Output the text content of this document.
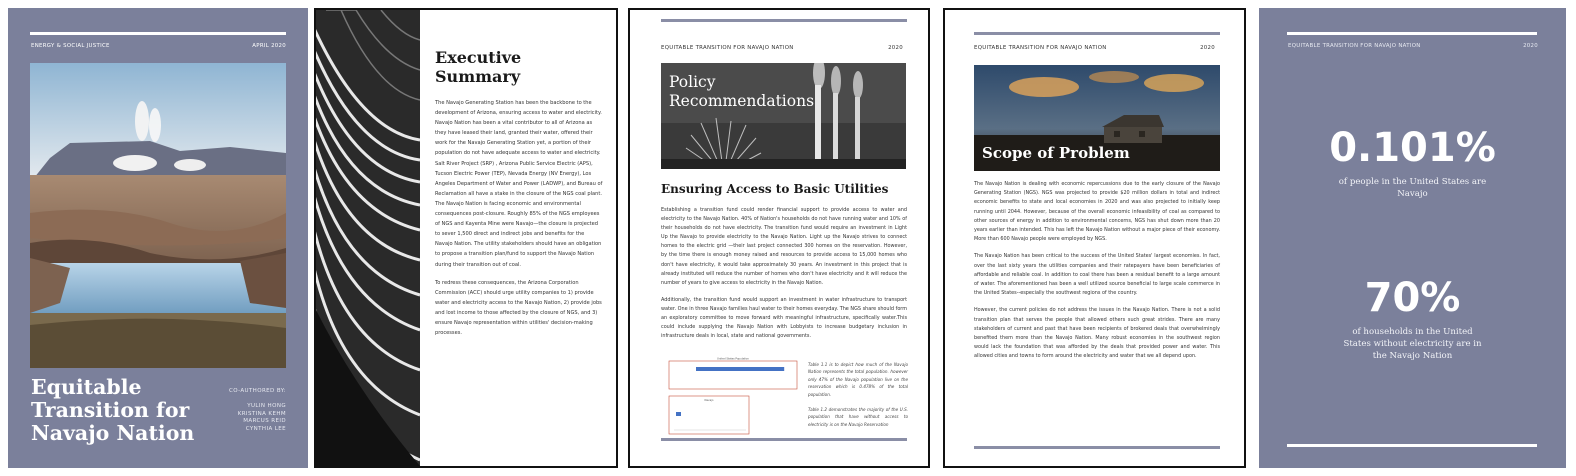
ENERGY & SOCIAL JUSTICE	APRIL 2020
Equitable
Transition for
Navajo Nation
CO-AUTHORED BY:
YULIN HONG
KRISTINA KEHM
MARCUS REID
CYNTHIA LEE
Executive Summary

The Navajo Generating Station has been the backbone to the development of Arizona, ensuring access to water and electricity. Navajo Nation has been a vital contributor to all of Arizona as they have leased their land, granted their water, offered their work for the Navajo Generating Station yet, a portion of their population do not have adequate access to water and electricity. Salt River Project (SRP) , Arizona Public Service Electric (APS), Tucson Electric Power (TEP), Nevada Energy (NV Energy), Los Angeles Department of Water and Power (LADWP), and Bureau of Reclamation all have a stake in the closure of the NGS coal plant. The Navajo Nation is facing economic and environmental consequences post-closure. Roughly 85% of the NGS employees of NGS and Kayenta Mine were Navajo—the closure is projected to sever 1,500 direct and indirect jobs and benefits for the Navajo Nation. The utility stakeholders should have an obligation to propose a transition plan/fund to support the Navajo Nation during their transition out of coal.

To redress these consequences, the Arizona Corporation Commission (ACC) should urge utility companies to 1) provide water and electricity access to the Navajo Nation, 2) provide jobs and lost income to those affected by the closure of NGS, and 3) ensure Navajo representation within utilities' decision-making processes.

EQUITABLE TRANSITION FOR NAVAJO NATION	2020
Policy
Recommendations
Ensuring Access to Basic Utilities

Establishing a transition fund could render financial support to provide access to water and electricity to the Navajo Nation. 40% of Nation's households do not have running water and 10% of their households do not have electricity. The transition fund would require an investment in Light Up the Navajo to provide electricity to the Navajo Nation. Light up the Navajo strives to connect homes to the electric grid —their last project connected 300 homes on the reservation. However, by the time there is enough money raised and resources to provide access to 15,000 homes who don't have electricity, it would take approximately 30 years. An investment in this project that is already instituted will reduce the number of homes who don't have electricity and it will reduce the number of years to give access to electricity in the Navajo Nation.

Additionally, the transition fund would support an investment in water infrastructure to transport water. One in three Navajo families haul water to their homes everyday. The NGS share should form an exploratory committee to move forward with meaningful infrastructure, specifically water.This could include supplying the Navajo Nation with Lobbyists to increase budgetary inclusion in infrastructure deals in local, state and national governments.

United States Population
Navajo

Table 1.1 is to depict how much of the Navajo Nation represents the total population. however only 47% of the Navajo population live on the reservation which is 0.478% of the total population.

Table 1.2 demonstrates the majority of the U.S. population that have without access to electricity is on the Navajo Reservation

EQUITABLE TRANSITION FOR NAVAJO NATION	2020
Scope of Problem

The Navajo Nation is dealing with economic repercussions due to the early closure of the Navajo Generating Station (NGS). NGS was projected to provide $20 million dollars in total and indirect economic benefits to state and local economies in 2020 and was also projected to initially keep running until 2044. However, because of the overall economic infeasibility of coal as compared to other sources of energy in addition to environmental concerns, NGS has shut down more than 20 years earlier than intended. This has left the Navajo Nation without a major piece of their economy. More than 600 Navajo people were employed by NGS.

The Navajo Nation has been critical to the success of the United States' largest economies. In fact, over the last sixty years the utilities companies and their ratepayers have been beneficiaries of affordable and reliable coal. In addition to coal there has been a residual benefit to a large amount of water. The aforementioned has been a well utilized source beneficial to large scale commerce in the United States--especially the southwest regions of the country.

However, the current policies do not address the issues in the Navajo Nation. There is not a solid transition plan that serves the people that allowed others such great strides. There are many stakeholders of current and past that have been recipients of brokered deals that overwhelmingly benefited them more than the Navajo Nation. Many robust economies in the southwest region would lack the foundation that was afforded by the deals that provided power and water. This allowed cities and towns to form around the electricity and water that we all depend upon.

EQUITABLE TRANSITION FOR NAVAJO NATION	2020
0.101%
of people in the United States are Navajo
70%
of households in the United States without electricity are in the Navajo Nation
